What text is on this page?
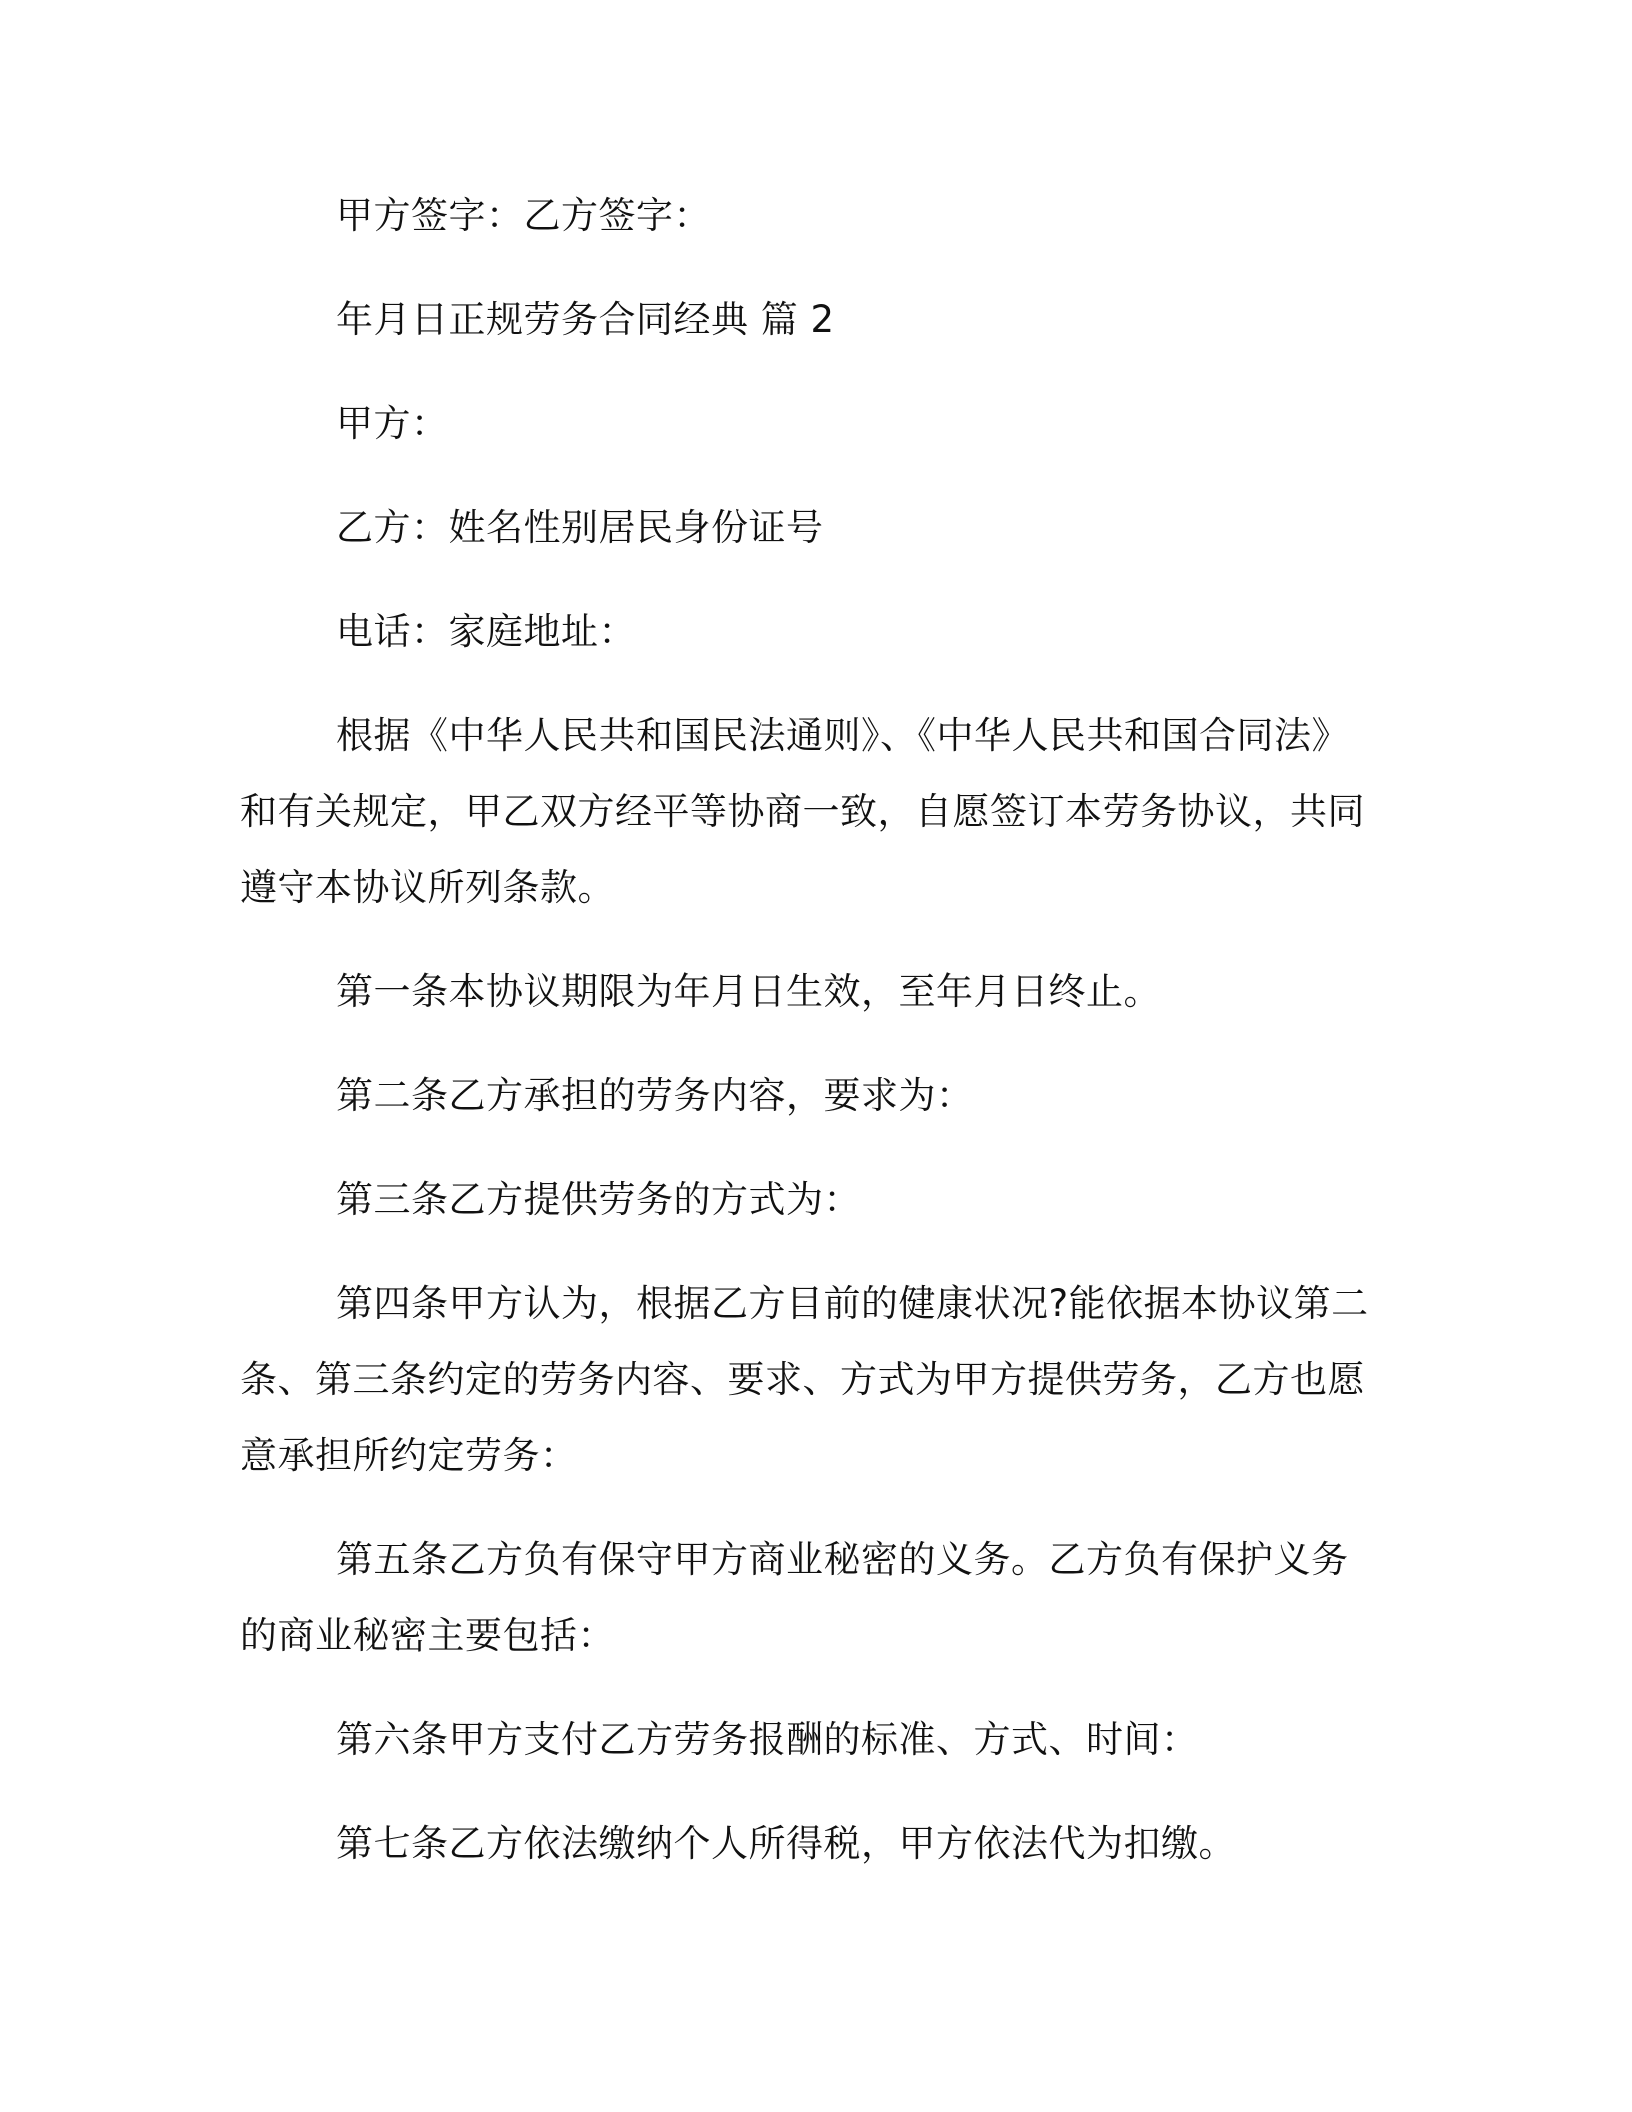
甲方签字：乙方签字：

年月日正规劳务合同经典 篇 2

甲方：

乙方：姓名性别居民身份证号

电话：家庭地址：

根据《中华人民共和国民法通则》、《中华人民共和国合同法》和有关规定，甲乙双方经平等协商一致，自愿签订本劳务协议，共同遵守本协议所列条款。

第一条本协议期限为年月日生效，至年月日终止。

第二条乙方承担的劳务内容，要求为：

第三条乙方提供劳务的方式为：

第四条甲方认为，根据乙方目前的健康状况?能依据本协议第二条、第三条约定的劳务内容、要求、方式为甲方提供劳务，乙方也愿意承担所约定劳务：

第五条乙方负有保守甲方商业秘密的义务。乙方负有保护义务的商业秘密主要包括：

第六条甲方支付乙方劳务报酬的标准、方式、时间：

第七条乙方依法缴纳个人所得税，甲方依法代为扣缴。
